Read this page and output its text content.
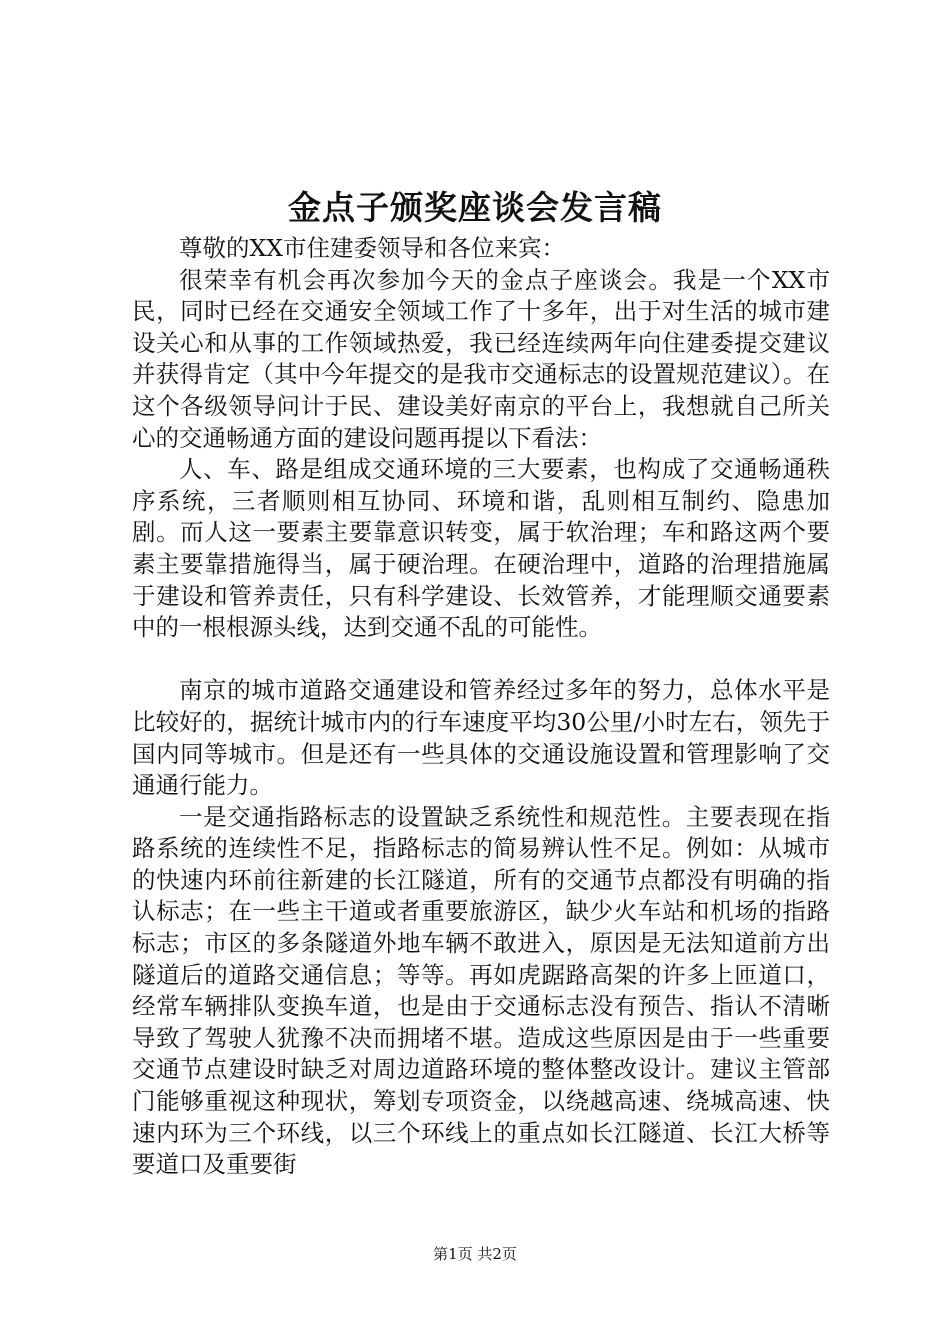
金点子颁奖座谈会发言稿

尊敬的XX市住建委领导和各位来宾：

很荣幸有机会再次参加今天的金点子座谈会。我是一个XX市民，同时已经在交通安全领域工作了十多年，出于对生活的城市建设关心和从事的工作领域热爱，我已经连续两年向住建委提交建议并获得肯定（其中今年提交的是我市交通标志的设置规范建议）。在这个各级领导问计于民、建设美好南京的平台上，我想就自己所关心的交通畅通方面的建设问题再提以下看法：

人、车、路是组成交通环境的三大要素，也构成了交通畅通秩序系统，三者顺则相互协同、环境和谐，乱则相互制约、隐患加剧。而人这一要素主要靠意识转变，属于软治理；车和路这两个要素主要靠措施得当，属于硬治理。在硬治理中，道路的治理措施属于建设和管养责任，只有科学建设、长效管养，才能理顺交通要素中的一根根源头线，达到交通不乱的可能性。

南京的城市道路交通建设和管养经过多年的努力，总体水平是比较好的，据统计城市内的行车速度平均30公里/小时左右，领先于国内同等城市。但是还有一些具体的交通设施设置和管理影响了交通通行能力。

一是交通指路标志的设置缺乏系统性和规范性。主要表现在指路系统的连续性不足，指路标志的简易辨认性不足。例如：从城市的快速内环前往新建的长江隧道，所有的交通节点都没有明确的指认标志；在一些主干道或者重要旅游区，缺少火车站和机场的指路标志；市区的多条隧道外地车辆不敢进入，原因是无法知道前方出隧道后的道路交通信息；等等。再如虎踞路高架的许多上匝道口，经常车辆排队变换车道，也是由于交通标志没有预告、指认不清晰导致了驾驶人犹豫不决而拥堵不堪。造成这些原因是由于一些重要交通节点建设时缺乏对周边道路环境的整体整改设计。建议主管部门能够重视这种现状，筹划专项资金，以绕越高速、绕城高速、快速内环为三个环线，以三个环线上的重点如长江隧道、长江大桥等要道口及重要街

第1页 共2页
